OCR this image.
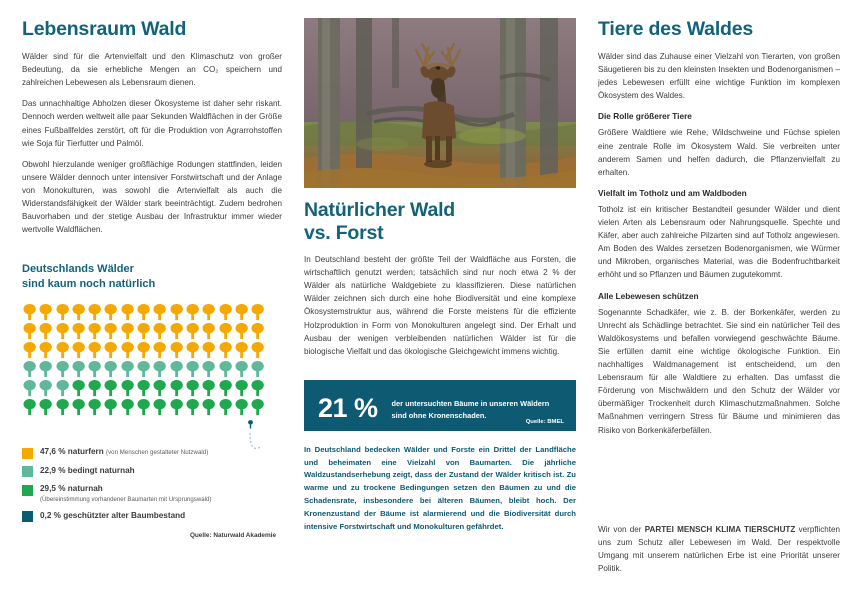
Lebensraum Wald

Wälder sind für die Artenvielfalt und den Klimaschutz von großer Bedeutung, da sie erhebliche Mengen an CO₂ speichern und zahlreichen Lebewesen als Lebensraum dienen.

Das unnachhaltige Abholzen dieser Ökosysteme ist daher sehr riskant. Dennoch werden weltweit alle paar Sekunden Waldflächen in der Größe eines Fußballfeldes zerstört, oft für die Produktion von Agrarrohstoffen wie Soja für Tierfutter und Palmöl.

Obwohl hierzulande weniger großflächige Rodungen stattfinden, leiden unsere Wälder dennoch unter intensiver Forstwirtschaft und der Anlage von Monokulturen, was sowohl die Artenvielfalt als auch die Widerstandsfähigkeit der Wälder stark beeinträchtigt. Zudem bedrohen Bauvorhaben und der stetige Ausbau der Infrastruktur immer wieder wertvolle Waldflächen.

Deutschlands Wälder
sind kaum noch natürlich
47,6 % naturfern (von Menschen gestalteter Nutzwald)
22,9 % bedingt naturnah
29,5 % naturnah
(Übereinstimmung vorhandener Baumarten mit Ursprungswald)
0,2 % geschützter alter Baumbestand
Quelle: Naturwald Akademie
Natürlicher Wald
vs. Forst

In Deutschland besteht der größte Teil der Waldfläche aus Forsten, die wirtschaftlich genutzt werden; tatsächlich sind nur noch etwa 2 % der Wälder als natürliche Waldgebiete zu klassifizieren. Diese natürlichen Wälder zeichnen sich durch eine hohe Biodiversität und eine komplexe Ökosystemstruktur aus, während die Forste meistens für die effiziente Holzproduktion in Form von Monokulturen angelegt sind. Der Erhalt und Ausbau der wenigen verbleibenden natürlichen Wälder ist für die biologische Vielfalt und das ökologische Gleichgewicht immens wichtig.

21 % der untersuchten Bäume in unseren Wäldern sind ohne Kronenschaden.
Quelle: BMEL

In Deutschland bedecken Wälder und Forste ein Drittel der Landfläche und beheimaten eine Vielzahl von Baumarten. Die jährliche Waldzustandserhebung zeigt, dass der Zustand der Wälder kritisch ist. Zu warme und zu trockene Bedingungen setzen den Bäumen zu und die Schadensrate, insbesondere bei älteren Bäumen, bleibt hoch. Der Kronenzustand der Bäume ist alarmierend und die Biodiversität durch intensive Forstwirtschaft und Monokulturen gefährdet.

Tiere des Waldes

Wälder sind das Zuhause einer Vielzahl von Tierarten, von großen Säugetieren bis zu den kleinsten Insekten und Bodenorganismen – jedes Lebewesen erfüllt eine wichtige Funktion im komplexen Ökosystem des Waldes.

Die Rolle größerer Tiere

Größere Waldtiere wie Rehe, Wildschweine und Füchse spielen eine zentrale Rolle im Ökosystem Wald. Sie verbreiten unter anderem Samen und helfen dadurch, die Pflanzenvielfalt zu erhalten.

Vielfalt im Totholz und am Waldboden

Totholz ist ein kritischer Bestandteil gesunder Wälder und dient vielen Arten als Lebensraum oder Nahrungsquelle. Spechte und Käfer, aber auch zahlreiche Pilzarten sind auf Totholz angewiesen. Am Boden des Waldes zersetzen Bodenorganismen, wie Würmer und Mikroben, organisches Material, was die Bodenfruchtbarkeit erhöht und so Pflanzen und Bäumen zugutekommt.

Alle Lebewesen schützen

Sogenannte Schadkäfer, wie z. B. der Borkenkäfer, werden zu Unrecht als Schädlinge betrachtet. Sie sind ein natürlicher Teil des Waldökosystems und befallen vorwiegend geschwächte Bäume. Sie erfüllen damit eine wichtige ökologische Funktion. Ein nachhaltiges Waldmanagement ist entscheidend, um den Lebensraum für alle Waldtiere zu erhalten. Das umfasst die Förderung von Mischwäldern und den Schutz der Wälder vor übermäßiger Trockenheit durch Klimaschutzmaßnahmen. Solche Maßnahmen verringern Stress für Bäume und minimieren das Risiko von Borkenkäferbefällen.

Wir von der PARTEI MENSCH KLIMA TIERSCHUTZ verpflichten uns zum Schutz aller Lebewesen im Wald. Der respektvolle Umgang mit unserem natürlichen Erbe ist eine Priorität unserer Politik.
